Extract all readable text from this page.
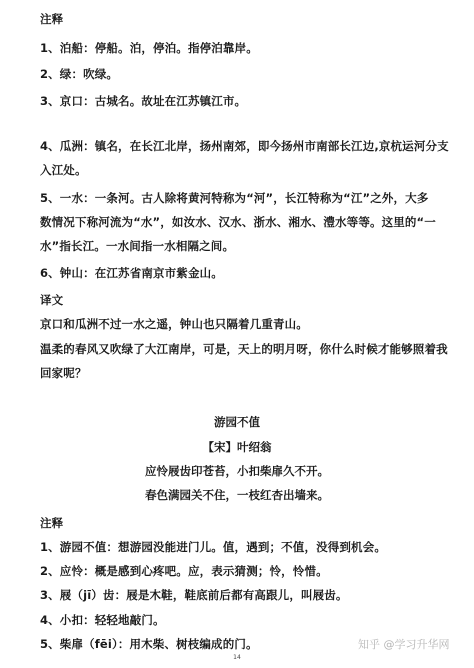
注释

1、泊船：停船。泊，停泊。指停泊靠岸。

2、绿：吹绿。

3、京口：古城名。故址在江苏镇江市。

4、瓜洲：镇名，在长江北岸，扬州南郊，即今扬州市南部长江边,京杭运河分支

入江处。

5、一水：一条河。古人除将黄河特称为“河”，长江特称为“江”之外，大多

数情况下称河流为“水”，如汝水、汉水、浙水、湘水、澧水等等。这里的“一

水”指长江。一水间指一水相隔之间。

6、钟山：在江苏省南京市紫金山。

译文

京口和瓜洲不过一水之遥，钟山也只隔着几重青山。

温柔的春风又吹绿了大江南岸，可是，天上的明月呀，你什么时候才能够照着我

回家呢？

游园不值

【宋】叶绍翁

应怜屐齿印苍苔，小扣柴扉久不开。

春色满园关不住，一枝红杏出墙来。

注释

1、游园不值：想游园没能进门儿。值，遇到；不值，没得到机会。

2、应怜：概是感到心疼吧。应，表示猜测；怜，怜惜。

3、屐（jī）齿：屐是木鞋，鞋底前后都有高跟儿，叫屐齿。

4、小扣：轻轻地敲门。

5、柴扉（fēi）：用木柴、树枝编成的门。	知乎 @学习升华网
14
